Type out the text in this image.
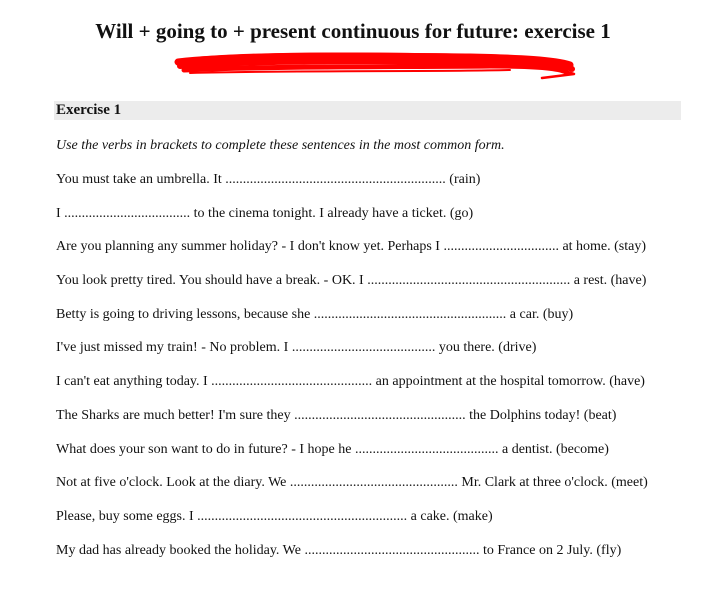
Will + going to + present continuous for future: exercise 1
Exercise 1
Use the verbs in brackets to complete these sentences in the most common form.
You must take an umbrella. It ............................................................... (rain)
I .................................... to the cinema tonight. I already have a ticket. (go)
Are you planning any summer holiday? - I don't know yet. Perhaps I ................................. at home. (stay)
You look pretty tired. You should have a break. - OK. I .......................................................... a rest. (have)
Betty is going to driving lessons, because she ....................................................... a car. (buy)
I've just missed my train! - No problem. I ......................................... you there. (drive)
I can't eat anything today. I .............................................. an appointment at the hospital tomorrow. (have)
The Sharks are much better! I'm sure they ................................................. the Dolphins today! (beat)
What does your son want to do in future? - I hope he ......................................... a dentist. (become)
Not at five o'clock. Look at the diary. We ................................................ Mr. Clark at three o'clock. (meet)
Please, buy some eggs. I ............................................................ a cake. (make)
My dad has already booked the holiday. We .................................................. to France on 2 July. (fly)
